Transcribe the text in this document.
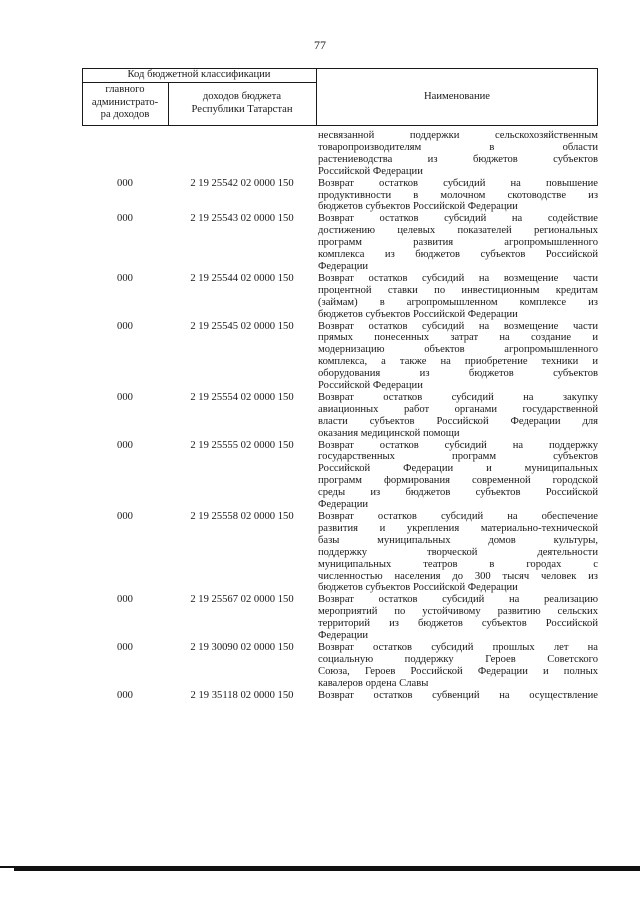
77
Код бюджетной классификации
главного
администрато-
ра доходов
доходов бюджета
Республики Татарстан
Наименование
несвязанной поддержки сельскохозяйственным
товаропроизводителям в области
растениеводства из бюджетов субъектов
Российской Федерации
000	2 19 25542 02 0000 150	Возврат остатков субсидий на повышение
продуктивности в молочном скотоводстве из
бюджетов субъектов Российской Федерации
000	2 19 25543 02 0000 150	Возврат остатков субсидий на содействие
достижению целевых показателей региональных
программ развития агропромышленного
комплекса из бюджетов субъектов Российской
Федерации
000	2 19 25544 02 0000 150	Возврат остатков субсидий на возмещение части
процентной ставки по инвестиционным кредитам
(займам) в агропромышленном комплексе из
бюджетов субъектов Российской Федерации
000	2 19 25545 02 0000 150	Возврат остатков субсидий на возмещение части
прямых понесенных затрат на создание и
модернизацию объектов агропромышленного
комплекса, а также на приобретение техники и
оборудования из бюджетов субъектов
Российской Федерации
000	2 19 25554 02 0000 150	Возврат остатков субсидий на закупку
авиационных работ органами государственной
власти субъектов Российской Федерации для
оказания медицинской помощи
000	2 19 25555 02 0000 150	Возврат остатков субсидий на поддержку
государственных программ субъектов
Российской Федерации и муниципальных
программ формирования современной городской
среды из бюджетов субъектов Российской
Федерации
000	2 19 25558 02 0000 150	Возврат остатков субсидий на обеспечение
развития и укрепления материально-технической
базы муниципальных домов культуры,
поддержку творческой деятельности
муниципальных театров в городах с
численностью населения до 300 тысяч человек из
бюджетов субъектов Российской Федерации
000	2 19 25567 02 0000 150	Возврат остатков субсидий на реализацию
мероприятий по устойчивому развитию сельских
территорий из бюджетов субъектов Российской
Федерации
000	2 19 30090 02 0000 150	Возврат остатков субсидий прошлых лет на
социальную поддержку Героев Советского
Союза, Героев Российской Федерации и полных
кавалеров ордена Славы
000	2 19 35118 02 0000 150	Возврат остатков субвенций на осуществление
